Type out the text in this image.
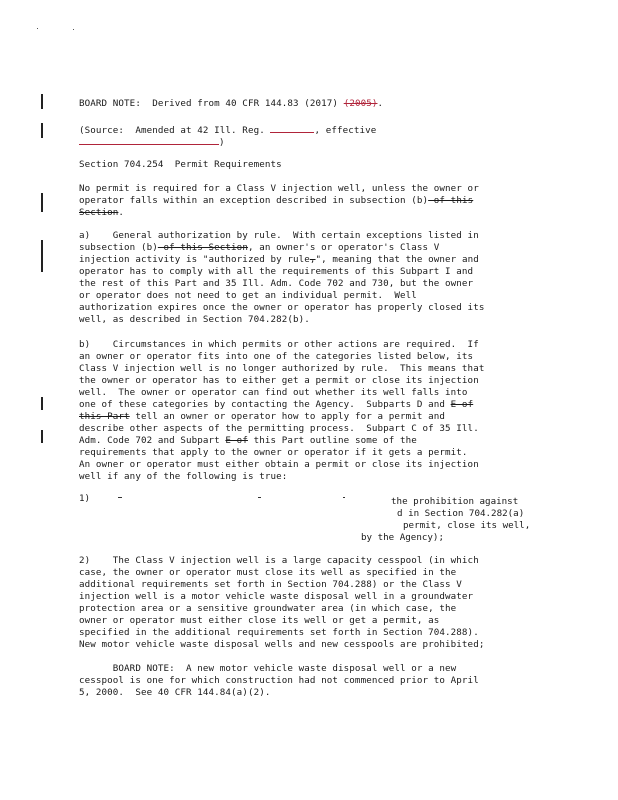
BOARD NOTE:  Derived from 40 CFR 144.83 (2017) (2005).
(Source:  Amended at 42 Ill. Reg.	, effective
)
Section 704.254  Permit Requirements
No permit is required for a Class V injection well, unless the owner or
operator falls within an exception described in subsection (b) of this
Section.
a)    General authorization by rule.  With certain exceptions listed in
subsection (b) of this Section, an owner's or operator's Class V
injection activity is "authorized by rule,", meaning that the owner and
operator has to comply with all the requirements of this Subpart I and
the rest of this Part and 35 Ill. Adm. Code 702 and 730, but the owner
or operator does not need to get an individual permit.  Well
authorization expires once the owner or operator has properly closed its
well, as described in Section 704.282(b).
b)    Circumstances in which permits or other actions are required.  If
an owner or operator fits into one of the categories listed below, its
Class V injection well is no longer authorized by rule.  This means that
the owner or operator has to either get a permit or close its injection
well.  The owner or operator can find out whether its well falls into
one of these categories by contacting the Agency.  Subparts D and E of
this Part tell an owner or operator how to apply for a permit and
describe other aspects of the permitting process.  Subpart C of 35 Ill.
Adm. Code 702 and Subpart E of this Part outline some of the
requirements that apply to the owner or operator if it gets a permit.
An owner or operator must either obtain a permit or close its injection
well if any of the following is true:
1)	the prohibition against
d in Section 704.282(a)
permit, close its well,
by the Agency);
2)    The Class V injection well is a large capacity cesspool (in which
case, the owner or operator must close its well as specified in the
additional requirements set forth in Section 704.288) or the Class V
injection well is a motor vehicle waste disposal well in a groundwater
protection area or a sensitive groundwater area (in which case, the
owner or operator must either close its well or get a permit, as
specified in the additional requirements set forth in Section 704.288).
New motor vehicle waste disposal wells and new cesspools are prohibited;
BOARD NOTE:  A new motor vehicle waste disposal well or a new
cesspool is one for which construction had not commenced prior to April
5, 2000.  See 40 CFR 144.84(a)(2).
